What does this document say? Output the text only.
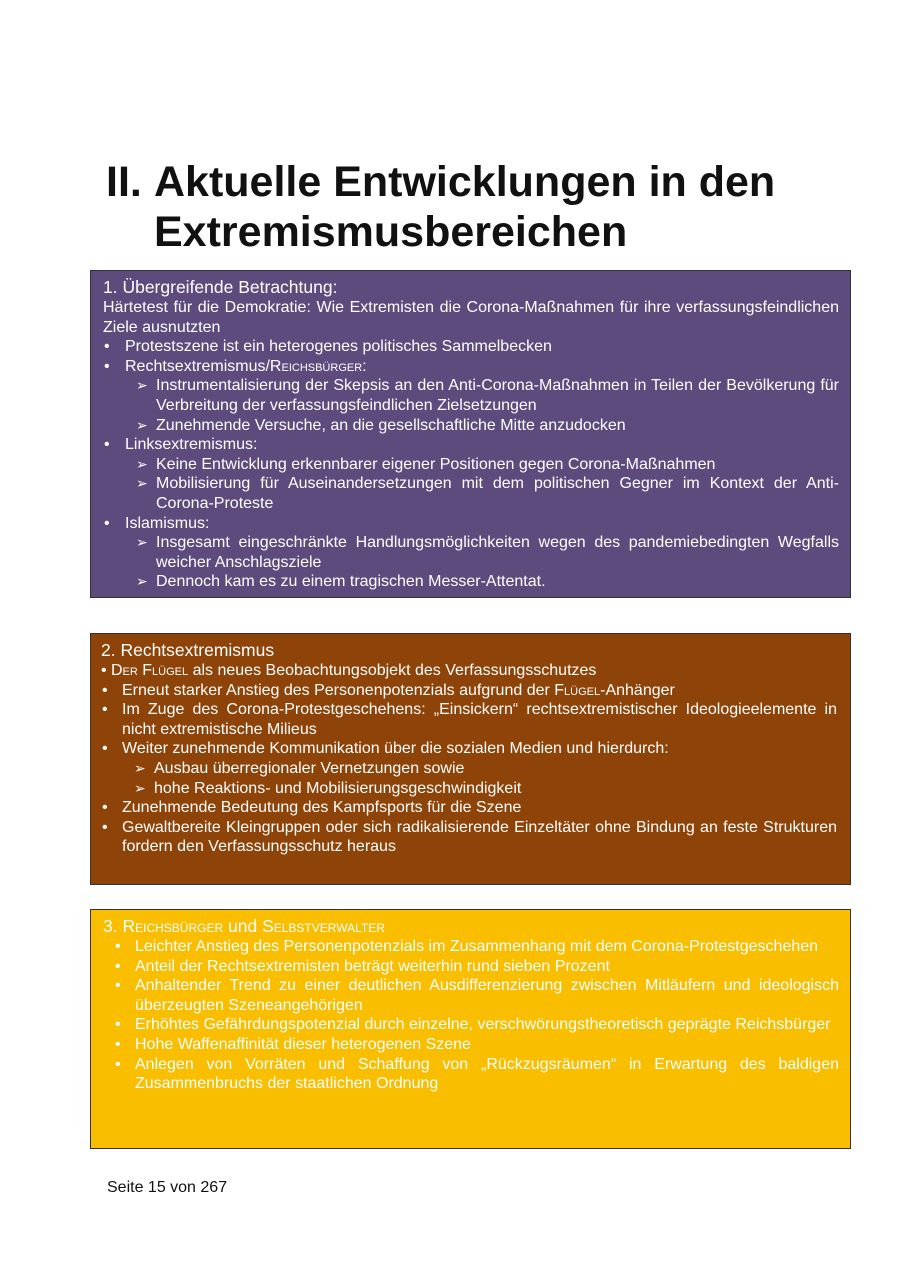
II. Aktuelle Entwicklungen in den
Extremismusbereichen
1. Übergreifende Betrachtung:

Härtetest für die Demokratie: Wie Extremisten die Corona-Maßnahmen für ihre verfassungsfeindlichen Ziele ausnutzten

• Protestszene ist ein heterogenes politisches Sammelbecken
• Rechtsextremismus/Reichsbürger:
➢ Instrumentalisierung der Skepsis an den Anti-Corona-Maßnahmen in Teilen der Bevölkerung für Verbreitung der verfassungsfeindlichen Zielsetzungen
➢ Zunehmende Versuche, an die gesellschaftliche Mitte anzudocken
• Linksextremismus:
➢ Keine Entwicklung erkennbarer eigener Positionen gegen Corona-Maßnahmen
➢ Mobilisierung für Auseinandersetzungen mit dem politischen Gegner im Kontext der Anti-Corona-Proteste
• Islamismus:
➢ Insgesamt eingeschränkte Handlungsmöglichkeiten wegen des pandemiebedingten Wegfalls weicher Anschlagsziele
➢ Dennoch kam es zu einem tragischen Messer-Attentat.
2. Rechtsextremismus
• Der Flügel als neues Beobachtungsobjekt des Verfassungsschutzes
• Erneut starker Anstieg des Personenpotenzials aufgrund der Flügel-Anhänger
• Im Zuge des Corona-Protestgeschehens: „Einsickern“ rechtsextremistischer Ideologieelemente in nicht extremistische Milieus
• Weiter zunehmende Kommunikation über die sozialen Medien und hierdurch:
➢ Ausbau überregionaler Vernetzungen sowie
➢ hohe Reaktions- und Mobilisierungsgeschwindigkeit
• Zunehmende Bedeutung des Kampfsports für die Szene
• Gewaltbereite Kleingruppen oder sich radikalisierende Einzeltäter ohne Bindung an feste Strukturen fordern den Verfassungsschutz heraus
3. Reichsbürger und Selbstverwalter
• Leichter Anstieg des Personenpotenzials im Zusammenhang mit dem Corona-Protestgeschehen
• Anteil der Rechtsextremisten beträgt weiterhin rund sieben Prozent
• Anhaltender Trend zu einer deutlichen Ausdifferenzierung zwischen Mitläufern und ideologisch überzeugten Szeneangehörigen
• Erhöhtes Gefährdungspotenzial durch einzelne, verschwörungstheoretisch geprägte Reichsbürger
• Hohe Waffenaffinität dieser heterogenen Szene
• Anlegen von Vorräten und Schaffung von „Rückzugsräumen“ in Erwartung des baldigen Zusammenbruchs der staatlichen Ordnung
Seite 15 von 267
